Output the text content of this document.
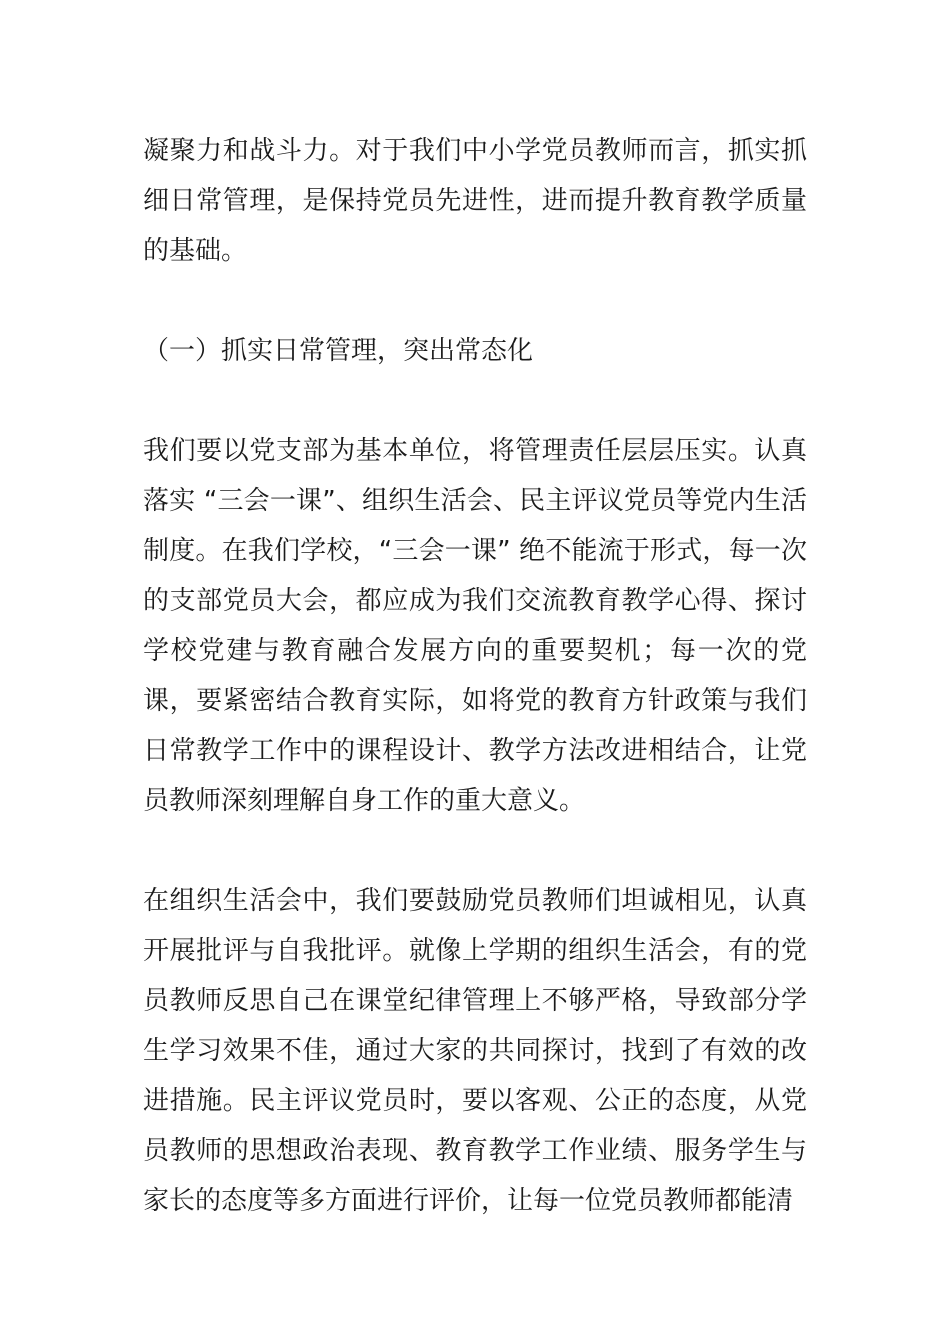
凝聚力和战斗力。对于我们中小学党员教师而言，抓实抓细日常管理，是保持党员先进性，进而提升教育教学质量的基础。

（一）抓实日常管理，突出常态化

我们要以党支部为基本单位，将管理责任层层压实。认真落实 “三会一课”、组织生活会、民主评议党员等党内生活制度。在我们学校，“三会一课” 绝不能流于形式，每一次的支部党员大会，都应成为我们交流教育教学心得、探讨学校党建与教育融合发展方向的重要契机；每一次的党课，要紧密结合教育实际，如将党的教育方针政策与我们日常教学工作中的课程设计、教学方法改进相结合，让党员教师深刻理解自身工作的重大意义。

在组织生活会中，我们要鼓励党员教师们坦诚相见，认真开展批评与自我批评。就像上学期的组织生活会，有的党员教师反思自己在课堂纪律管理上不够严格，导致部分学生学习效果不佳，通过大家的共同探讨，找到了有效的改进措施。民主评议党员时，要以客观、公正的态度，从党员教师的思想政治表现、教育教学工作业绩、服务学生与家长的态度等多方面进行评价，让每一位党员教师都能清
